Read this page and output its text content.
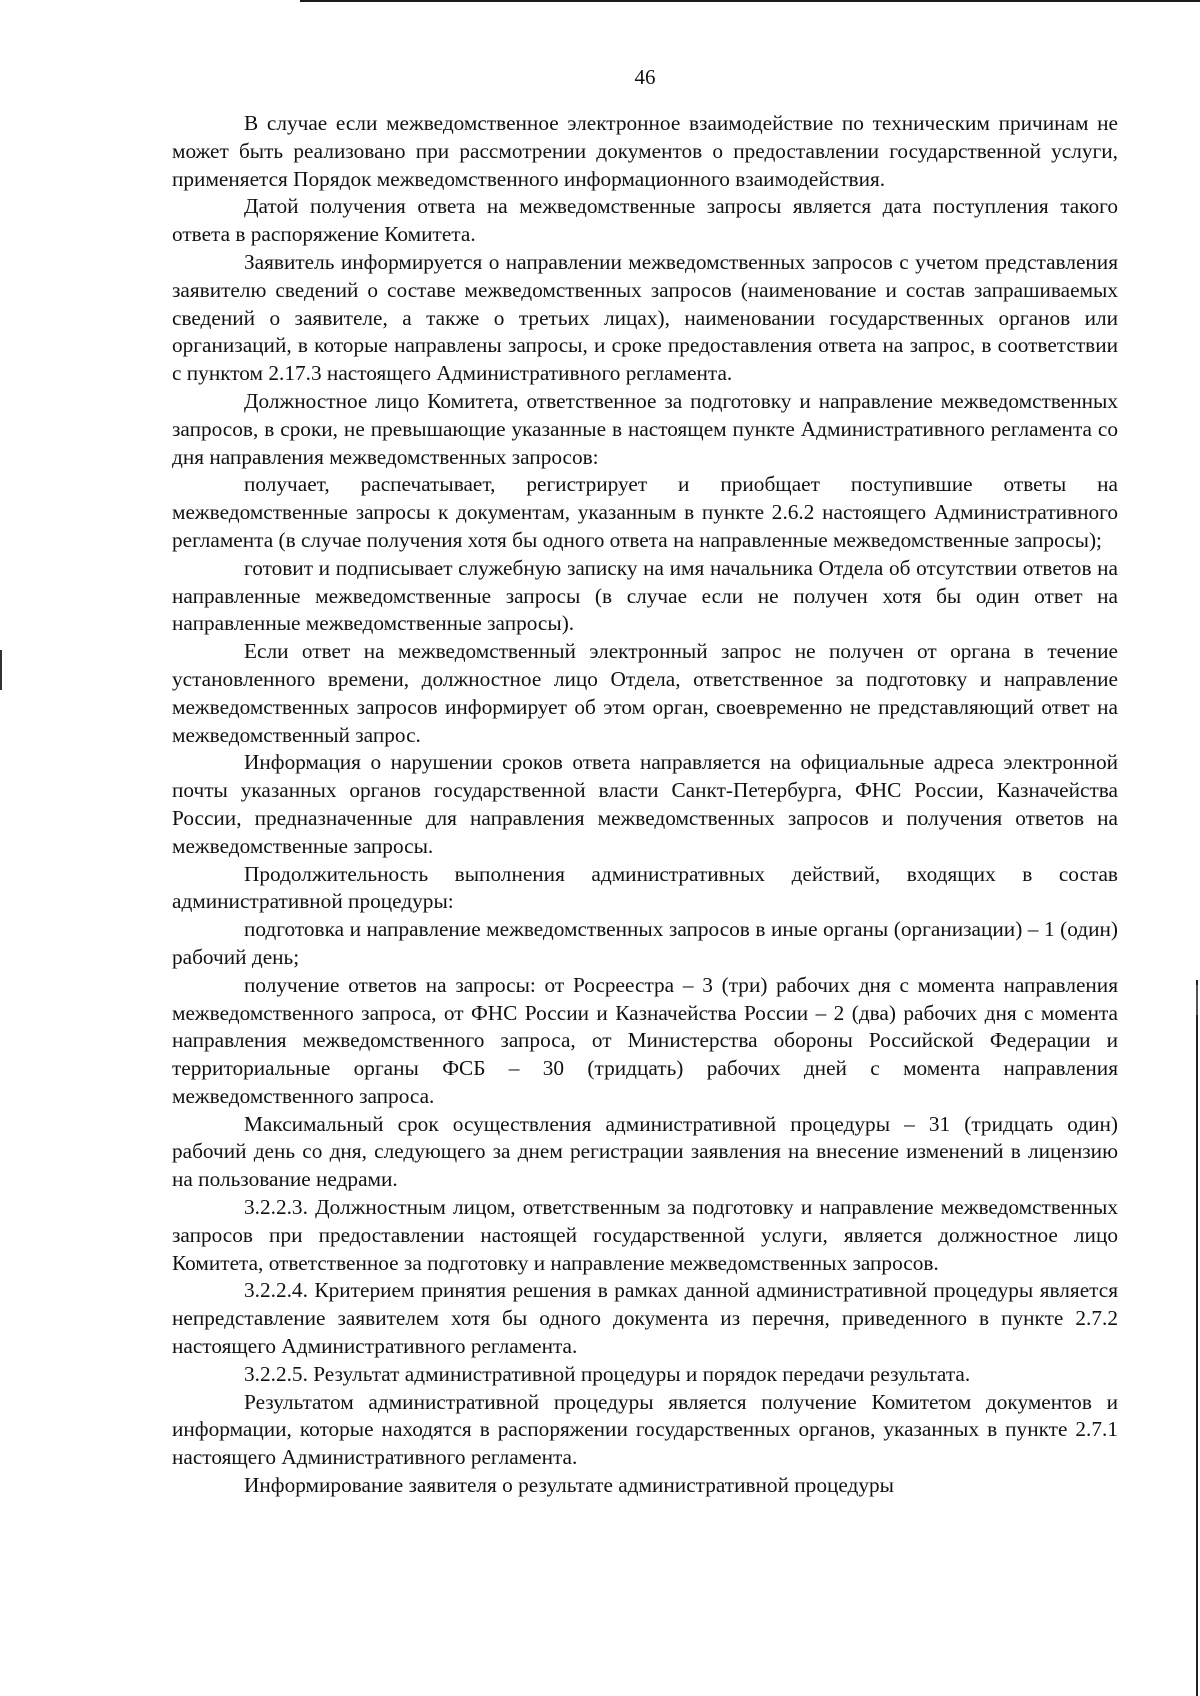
46

В случае если межведомственное электронное взаимодействие по техническим причинам не может быть реализовано при рассмотрении документов о предоставлении государственной услуги, применяется Порядок межведомственного информационного взаимодействия.

Датой получения ответа на межведомственные запросы является дата поступления такого ответа в распоряжение Комитета.

Заявитель информируется о направлении межведомственных запросов с учетом представления заявителю сведений о составе межведомственных запросов (наименование и состав запрашиваемых сведений о заявителе, а также о третьих лицах), наименовании государственных органов или организаций, в которые направлены запросы, и сроке предоставления ответа на запрос, в соответствии с пунктом 2.17.3 настоящего Административного регламента.

Должностное лицо Комитета, ответственное за подготовку и направление межведомственных запросов, в сроки, не превышающие указанные в настоящем пункте Административного регламента со дня направления межведомственных запросов:

получает, распечатывает, регистрирует и приобщает поступившие ответы на межведомственные запросы к документам, указанным в пункте 2.6.2 настоящего Административного регламента (в случае получения хотя бы одного ответа на направленные межведомственные запросы);

готовит и подписывает служебную записку на имя начальника Отдела об отсутствии ответов на направленные межведомственные запросы (в случае если не получен хотя бы один ответ на направленные межведомственные запросы).

Если ответ на межведомственный электронный запрос не получен от органа в течение установленного времени, должностное лицо Отдела, ответственное за подготовку и направление межведомственных запросов информирует об этом орган, своевременно не представляющий ответ на межведомственный запрос.

Информация о нарушении сроков ответа направляется на официальные адреса электронной почты указанных органов государственной власти Санкт-Петербурга, ФНС России, Казначейства России, предназначенные для направления межведомственных запросов и получения ответов на межведомственные запросы.

Продолжительность выполнения административных действий, входящих в состав административной процедуры:

подготовка и направление межведомственных запросов в иные органы (организации) – 1 (один) рабочий день;

получение ответов на запросы: от Росреестра – 3 (три) рабочих дня с момента направления межведомственного запроса, от ФНС России и Казначейства России – 2 (два) рабочих дня с момента направления межведомственного запроса, от Министерства обороны Российской Федерации и территориальные органы ФСБ – 30 (тридцать) рабочих дней с момента направления межведомственного запроса.

Максимальный срок осуществления административной процедуры – 31 (тридцать один) рабочий день со дня, следующего за днем регистрации заявления на внесение изменений в лицензию на пользование недрами.

3.2.2.3. Должностным лицом, ответственным за подготовку и направление межведомственных запросов при предоставлении настоящей государственной услуги, является должностное лицо Комитета, ответственное за подготовку и направление межведомственных запросов.

3.2.2.4. Критерием принятия решения в рамках данной административной процедуры является непредставление заявителем хотя бы одного документа из перечня, приведенного в пункте 2.7.2 настоящего Административного регламента.

3.2.2.5. Результат административной процедуры и порядок передачи результата.

Результатом административной процедуры является получение Комитетом документов и информации, которые находятся в распоряжении государственных органов, указанных в пункте 2.7.1 настоящего Административного регламента.

Информирование заявителя о результате административной процедуры
